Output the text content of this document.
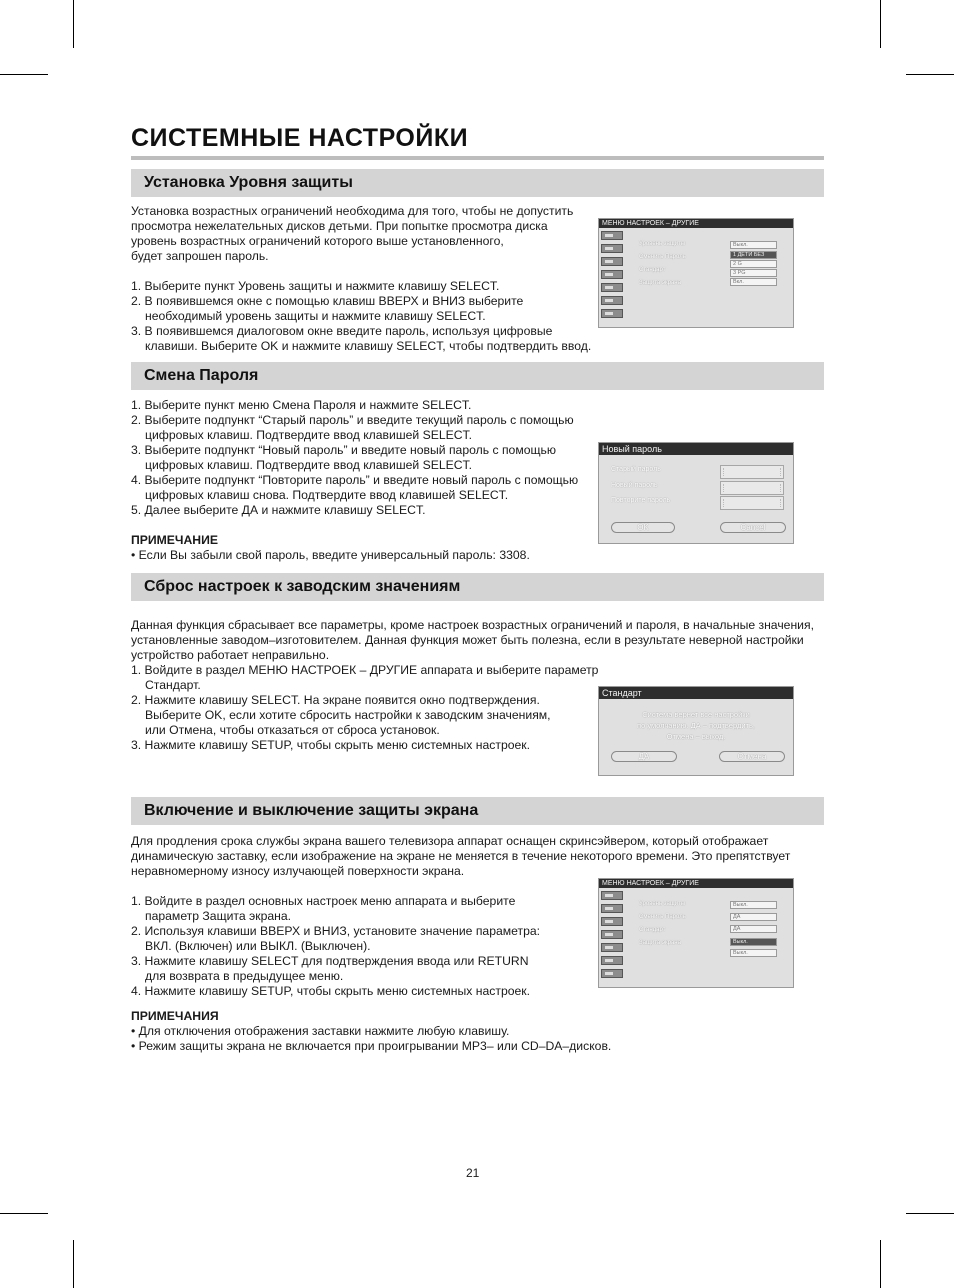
СИСТЕМНЫЕ НАСТРОЙКИ
Установка Уровня защиты
Установка возрастных ограничений необходима для того, чтобы не допустить
просмотра нежелательных дисков детьми. При попытке просмотра диска
уровень возрастных ограничений которого выше установленного,
будет запрошен пароль.
1. Выберите пункт Уровень защиты и нажмите клавишу SELECT.
2. В появившемся окне с помощью клавиш ВВЕРХ и ВНИЗ выберите
необходимый уровень защиты и нажмите клавишу SELECT.
3. В появившемся диалоговом окне введите пароль, используя цифровые
клавиши. Выберите OK и нажмите клавишу SELECT, чтобы подтвердить ввод.
МЕНЮ НАСТРОЕК – ДРУГИЕ
Уровень защиты
Сменить Пароль
Стандарт
Защита экрана
Выкл.
1 ДЕТИ БЕЗ
2 G
3 PG
Вкл.
Смена Пароля
1. Выберите пункт меню Смена Пароля и нажмите SELECT.
2. Выберите подпункт “Старый пароль” и введите текущий пароль с помощью
цифровых клавиш. Подтвердите ввод клавишей SELECT.
3. Выберите подпункт “Новый пароль” и введите новый пароль с помощью
цифровых клавиш. Подтвердите ввод клавишей SELECT.
4. Выберите подпункт “Повторите пароль” и введите новый пароль с помощью
цифровых клавиш снова. Подтвердите ввод клавишей SELECT.
5. Далее выберите ДА и нажмите клавишу SELECT.
ПРИМЕЧАНИЕ
• Если Вы забыли свой пароль, введите универсальный пароль: 3308.
Новый пароль
Старый пароль
Новый пароль
Повторите пароль
OK	Cancel
Сброс настроек к заводским значениям
Данная функция сбрасывает все параметры, кроме настроек возрастных ограничений и пароля, в начальные значения,
установленные заводом–изготовителем. Данная функция может быть полезна, если в результате неверной настройки
устройство работает неправильно.
1. Войдите в раздел МЕНЮ НАСТРОЕК – ДРУГИЕ аппарата и выберите параметр
Стандарт.
2. Нажмите клавишу SELECT. На экране появится окно подтверждения.
Выберите OK, если хотите сбросить настройки к заводским значениям,
или Отмена, чтобы отказаться от сброса установок.
3. Нажмите клавишу SETUP, чтобы скрыть меню системных настроек.
Стандарт
Система вернет все настройки
по умолчанию. ДА – подтвердить,
Отмена – выход.
ДА	Отмена
Включение и выключение защиты экрана
Для продления срока службы экрана вашего телевизора аппарат оснащен скринсэйвером, который отображает
динамическую заставку, если изображение на экране не меняется в течение некоторого времени. Это препятствует
неравномерному износу излучающей поверхности экрана.
1. Войдите в раздел основных настроек меню аппарата и выберите
параметр Защита экрана.
2. Используя клавиши ВВЕРХ и ВНИЗ, установите значение параметра:
ВКЛ. (Включен) или ВЫКЛ. (Выключен).
3. Нажмите клавишу SELECT для подтверждения ввода или RETURN
для возврата в предыдущее меню.
4. Нажмите клавишу SETUP, чтобы скрыть меню системных настроек.
ПРИМЕЧАНИЯ
• Для отключения отображения заставки нажмите любую клавишу.
• Режим защиты экрана не включается при проигрывании MP3– или CD–DA–дисков.
МЕНЮ НАСТРОЕК – ДРУГИЕ
Уровень защиты
Сменить Пароль
Стандарт
Защита экрана
Выкл.
ДА
ДА
Выкл.
Выкл.
21
